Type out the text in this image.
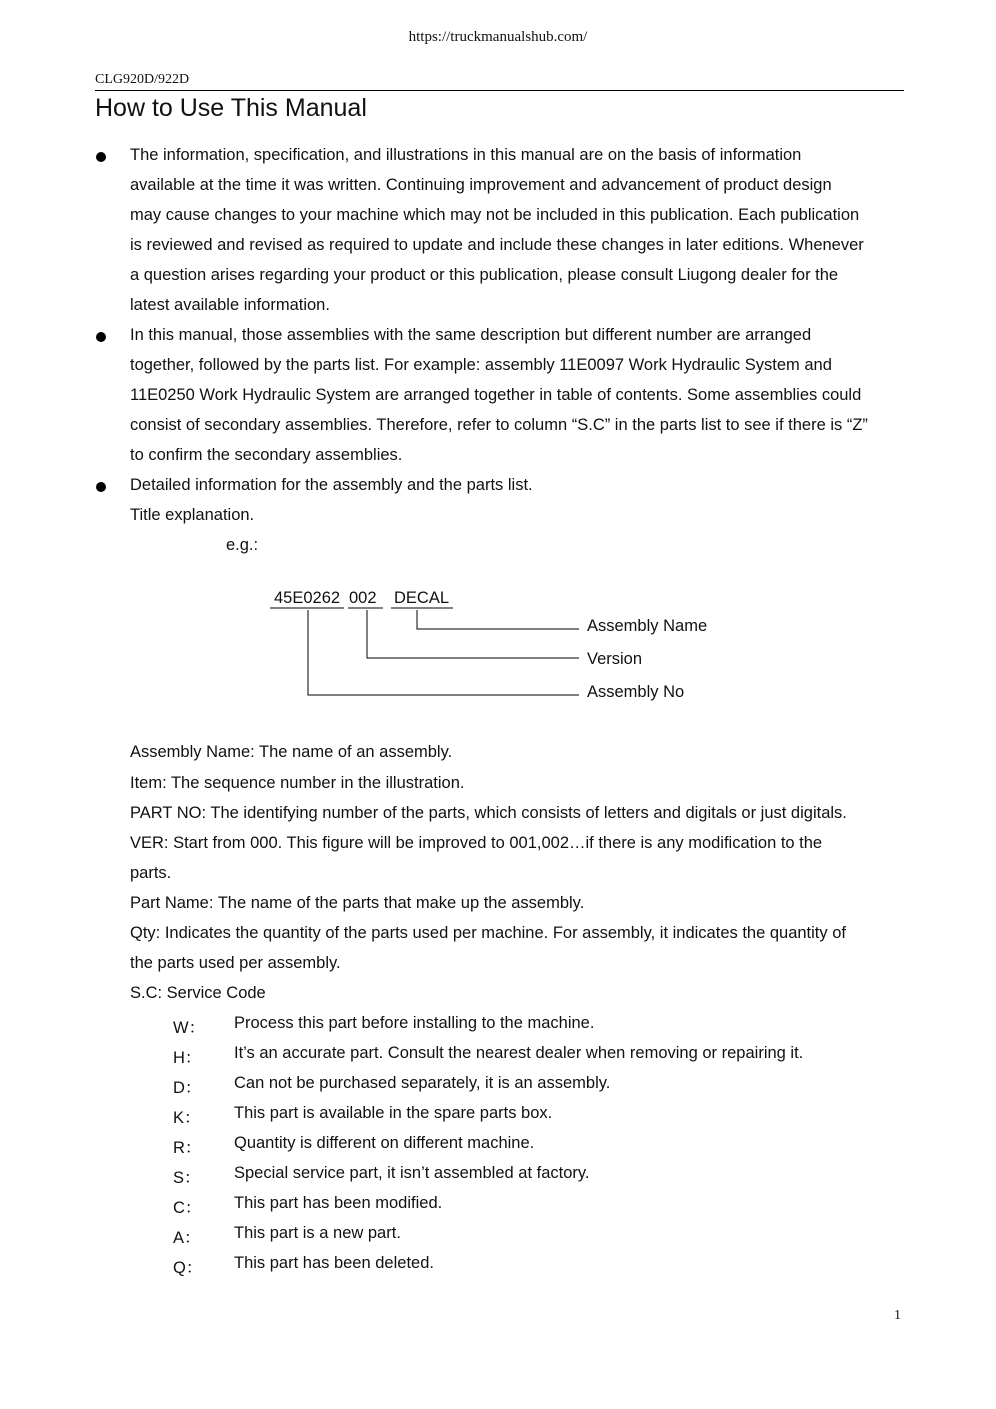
https://truckmanualshub.com/
CLG920D/922D
How to Use This Manual
The information, specification, and illustrations in this manual are on the basis of information
available at the time it was written. Continuing improvement and advancement of product design
may cause changes to your machine which may not be included in this publication. Each publication
is reviewed and revised as required to update and include these changes in later editions. Whenever
a question arises regarding your product or this publication, please consult Liugong dealer for the
latest available information.
In this manual, those assemblies with the same description but different number are arranged
together, followed by the parts list. For example: assembly 11E0097 Work Hydraulic System and
11E0250 Work Hydraulic System are arranged together in table of contents. Some assemblies could
consist of secondary assemblies. Therefore, refer to column “S.C” in the parts list to see if there is “Z”
to confirm the secondary assemblies.
Detailed information for the assembly and the parts list.
Title explanation.
e.g.:
45E0262 002 DECAL
Assembly Name
Version
Assembly No
Assembly Name: The name of an assembly.
Item: The sequence number in the illustration.
PART NO: The identifying number of the parts, which consists of letters and digitals or just digitals.
VER: Start from 000. This figure will be improved to 001,002…if there is any modification to the
parts.
Part Name: The name of the parts that make up the assembly.
Qty: Indicates the quantity of the parts used per machine. For assembly, it indicates the quantity of
the parts used per assembly.
S.C: Service Code
W： Process this part before installing to the machine.
H： It’s an accurate part. Consult the nearest dealer when removing or repairing it.
D： Can not be purchased separately, it is an assembly.
K： This part is available in the spare parts box.
R： Quantity is different on different machine.
S： Special service part, it isn’t assembled at factory.
C： This part has been modified.
A： This part is a new part.
Q： This part has been deleted.
1
